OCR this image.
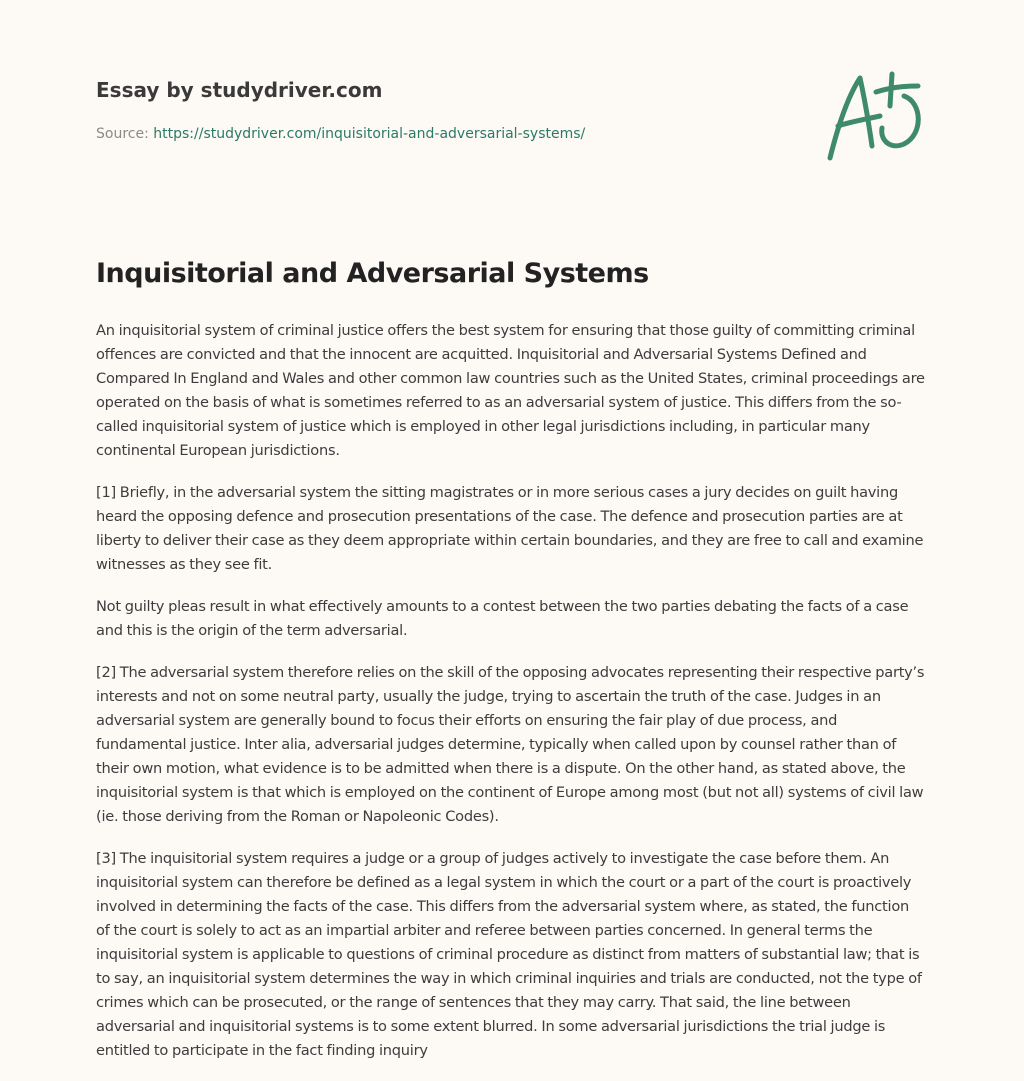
Essay by studydriver.com
Source: https://studydriver.com/inquisitorial-and-adversarial-systems/
Inquisitorial and Adversarial Systems

An inquisitorial system of criminal justice offers the best system for ensuring that those guilty of committing criminal offences are convicted and that the innocent are acquitted. Inquisitorial and Adversarial Systems Defined and Compared In England and Wales and other common law countries such as the United States, criminal proceedings are operated on the basis of what is sometimes referred to as an adversarial system of justice. This differs from the so-called inquisitorial system of justice which is employed in other legal jurisdictions including, in particular many continental European jurisdictions.

[1] Briefly, in the adversarial system the sitting magistrates or in more serious cases a jury decides on guilt having heard the opposing defence and prosecution presentations of the case. The defence and prosecution parties are at liberty to deliver their case as they deem appropriate within certain boundaries, and they are free to call and examine witnesses as they see fit.

Not guilty pleas result in what effectively amounts to a contest between the two parties debating the facts of a case and this is the origin of the term adversarial.

[2] The adversarial system therefore relies on the skill of the opposing advocates representing their respective party’s interests and not on some neutral party, usually the judge, trying to ascertain the truth of the case. Judges in an adversarial system are generally bound to focus their efforts on ensuring the fair play of due process, and fundamental justice. Inter alia, adversarial judges determine, typically when called upon by counsel rather than of their own motion, what evidence is to be admitted when there is a dispute. On the other hand, as stated above, the inquisitorial system is that which is employed on the continent of Europe among most (but not all) systems of civil law (ie. those deriving from the Roman or Napoleonic Codes).

[3] The inquisitorial system requires a judge or a group of judges actively to investigate the case before them. An inquisitorial system can therefore be defined as a legal system in which the court or a part of the court is proactively involved in determining the facts of the case. This differs from the adversarial system where, as stated, the function of the court is solely to act as an impartial arbiter and referee between parties concerned. In general terms the inquisitorial system is applicable to questions of criminal procedure as distinct from matters of substantial law; that is to say, an inquisitorial system determines the way in which criminal inquiries and trials are conducted, not the type of crimes which can be prosecuted, or the range of sentences that they may carry. That said, the line between adversarial and inquisitorial systems is to some extent blurred. In some adversarial jurisdictions the trial judge is entitled to participate in the fact finding inquiry
